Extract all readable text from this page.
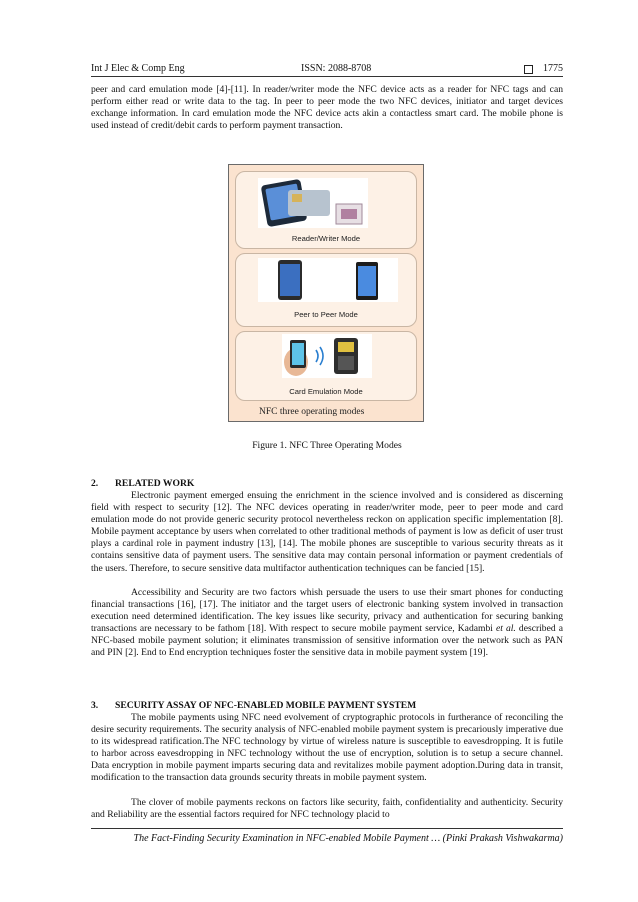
Int J Elec & Comp Eng	ISSN: 2088-8708	1775

peer and card emulation mode [4]-[11]. In reader/writer mode the NFC device acts as a reader for NFC tags and can perform either read or write data to the tag. In peer to peer mode the two NFC devices, initiator and target devices exchange information. In card emulation mode the NFC device acts akin a contactless smart card. The mobile phone is used instead of credit/debit cards to perform payment transaction.

Reader/Writer Mode
Peer to Peer Mode
Card Emulation Mode
NFC three operating modes
Figure 1. NFC Three Operating Modes
2. RELATED WORK

Electronic payment emerged ensuing the enrichment in the science involved and is considered as discerning field with respect to security [12]. The NFC devices operating in reader/writer mode, peer to peer mode and card emulation mode do not provide generic security protocol nevertheless reckon on application specific implementation [8]. Mobile payment acceptance by users when correlated to other traditional methods of payment is low as deficit of user trust plays a cardinal role in payment industry [13], [14]. The mobile phones are susceptible to various security threats as it contains sensitive data of payment users. The sensitive data may contain personal information or payment credentials of the users. Therefore, to secure sensitive data multifactor authentication techniques can be fancied [15].

Accessibility and Security are two factors whish persuade the users to use their smart phones for conducting financial transactions [16], [17]. The initiator and the target users of electronic banking system involved in transaction execution need determined identification. The key issues like security, privacy and authentication for securing banking transactions are necessary to be fathom [18]. With respect to secure mobile payment service, Kadambi et al. described a NFC-based mobile payment solution; it eliminates transmission of sensitive information over the network such as PAN and PIN [2]. End to End encryption techniques foster the sensitive data in mobile payment system [19].

3. SECURITY ASSAY OF NFC-ENABLED MOBILE PAYMENT SYSTEM

The mobile payments using NFC need evolvement of cryptographic protocols in furtherance of reconciling the desire security requirements. The security analysis of NFC-enabled mobile payment system is precariously imperative due to its widespread ratification.The NFC technology by virtue of wireless nature is susceptible to eavesdropping. It is futile to harbor across eavesdropping in NFC technology without the use of encryption, solution is to setup a secure channel. Data encryption in mobile payment imparts securing data and revitalizes mobile payment adoption.During data in transit, modification to the transaction data grounds security threats in mobile payment system.

The clover of mobile payments reckons on factors like security, faith, confidentiality and authenticity. Security and Reliability are the essential factors required for NFC technology placid to

The Fact-Finding Security Examination in NFC-enabled Mobile Payment … (Pinki Prakash Vishwakarma)
